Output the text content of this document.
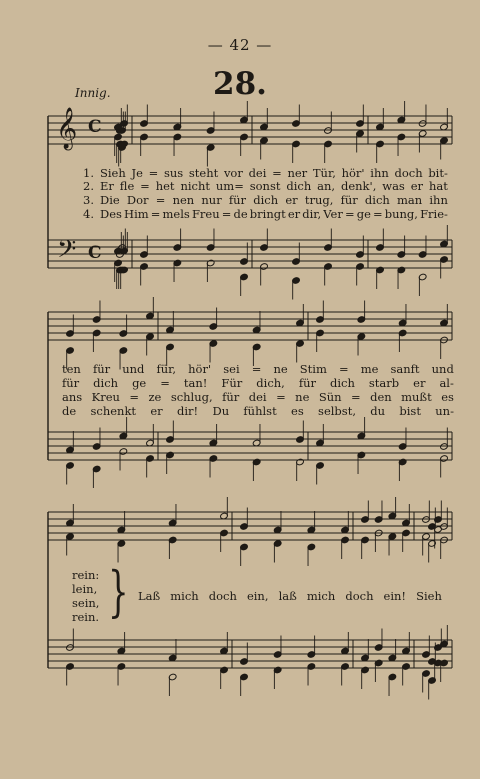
— 42 —
28.
Innig.
𝄞
𝄢
C
C
}
1.
2.
3.
4.
Sieh Je = sus steht vor dei = ner Tür, hör' ihn doch bit-
Er fle = het nicht um= sonst dich an, denk', was er hat
Die Dor = nen nur für dich er trug, für dich man ihn
Des Him = mels Freu = de bringt er dir, Ver = ge = bung, Frie-
ten für und für, hör' sei = ne Stim = me sanft und
für dich ge = tan! Für dich, für dich starb er al-
ans Kreu = ze schlug, für dei = ne Sün = den mußt es
de schenkt er dir! Du fühlst es selbst, du bist un-
rein:
lein,
sein,
rein.
Laß mich doch ein, laß mich doch ein! Sieh
